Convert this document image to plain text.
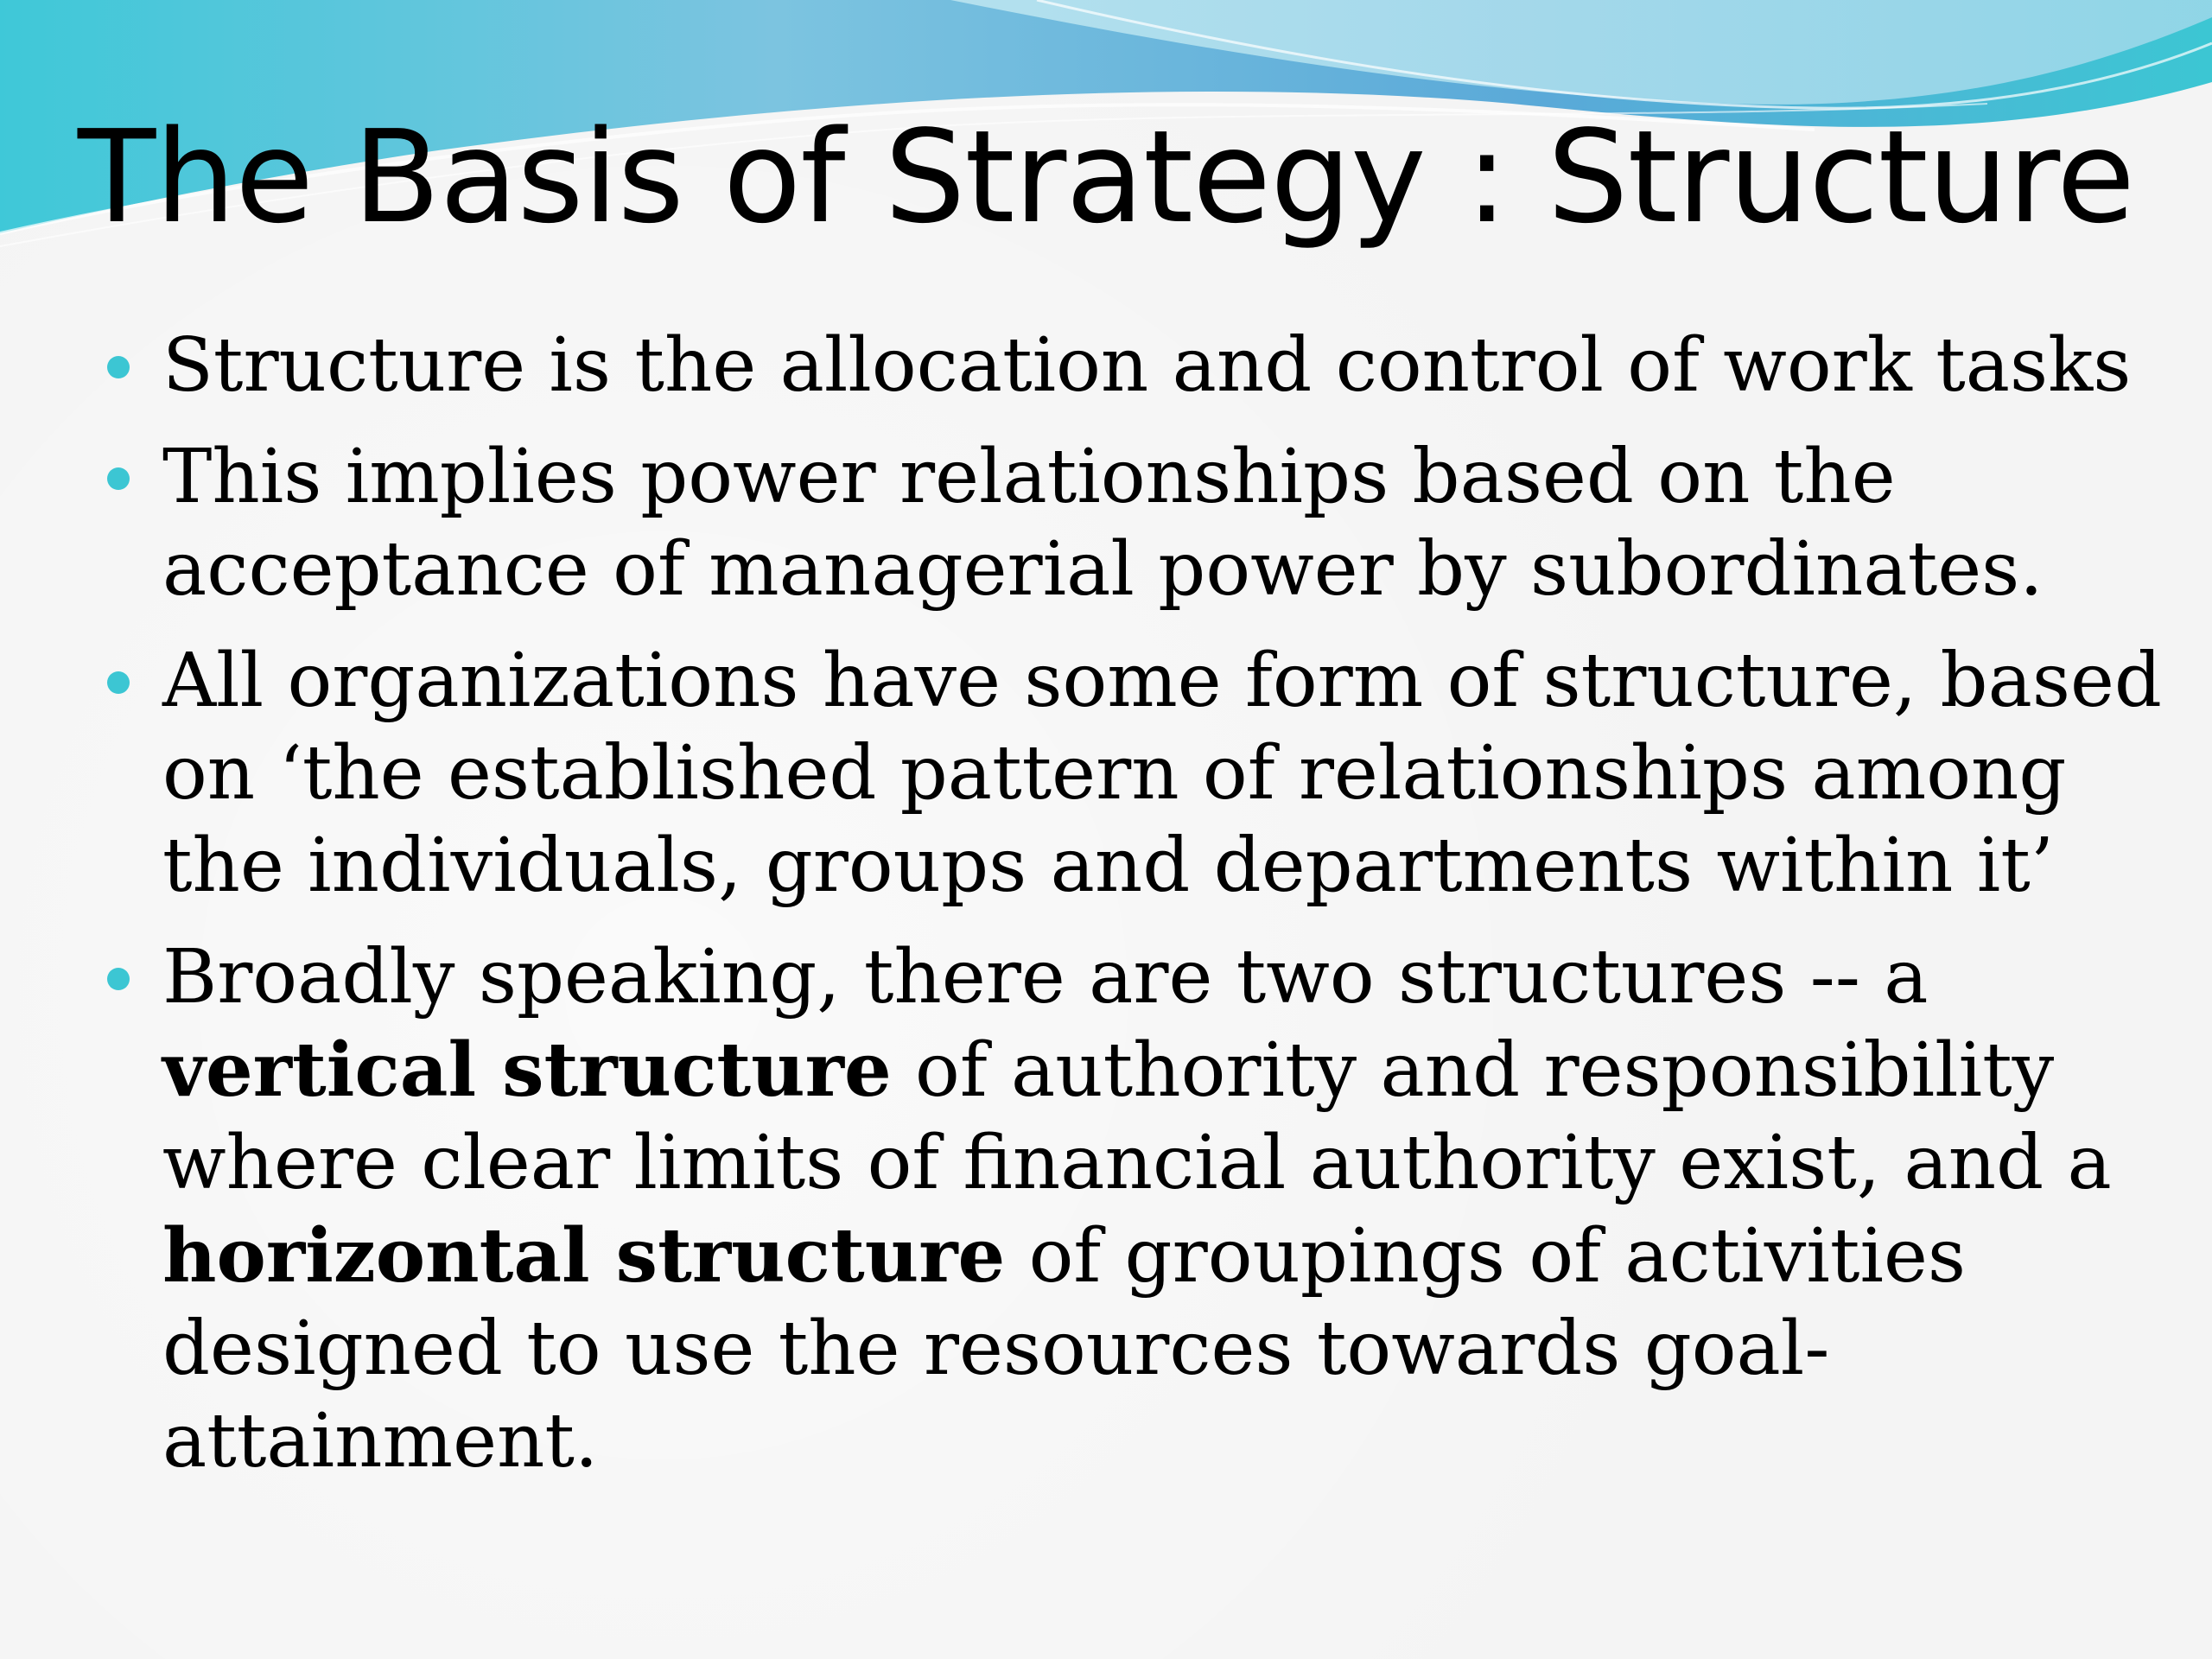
The Basis of Strategy : Structure
Structure is the allocation and control of work tasks
This implies power relationships based on the
acceptance of managerial power by subordinates.
All organizations have some form of structure, based
on ‘the established pattern of relationships among
the individuals, groups and departments within it’
Broadly speaking, there are two structures -- a
vertical structure of authority and responsibility
where clear limits of financial authority exist, and a
horizontal structure of groupings of activities
designed to use the resources towards goal-
attainment.
